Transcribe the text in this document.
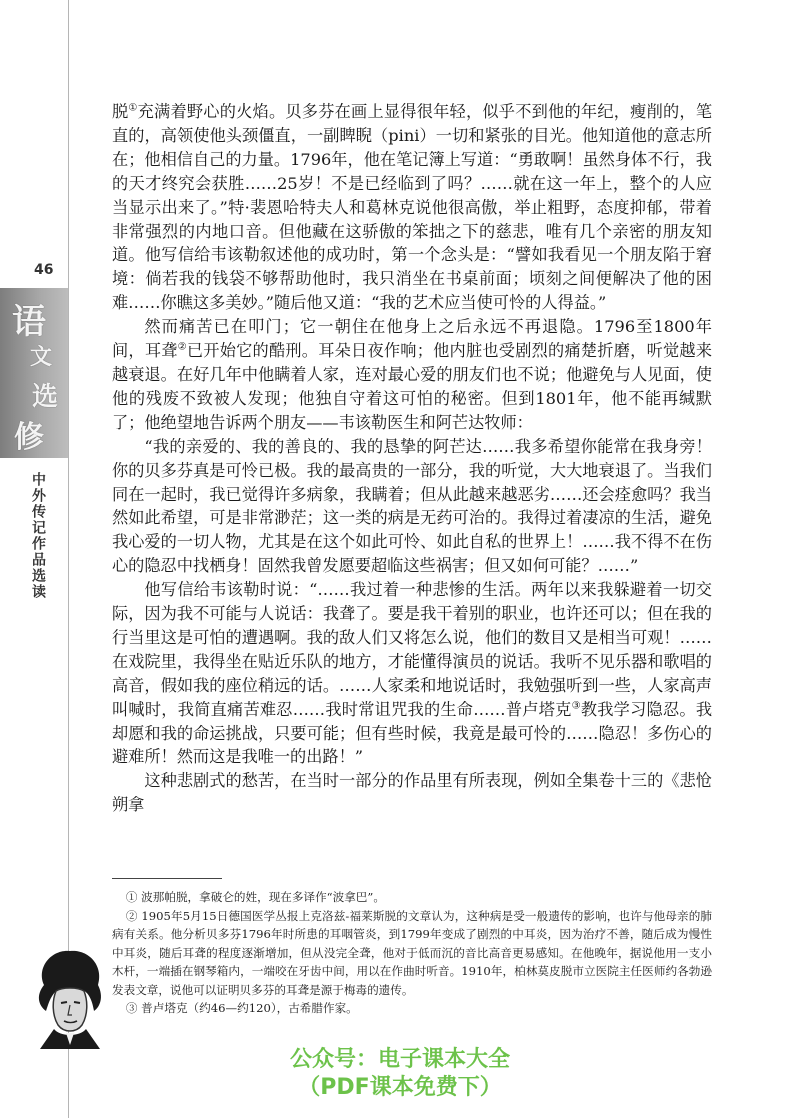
46
语
文
选
修
中外传记作品选读

脱①充满着野心的火焰。贝多芬在画上显得很年轻，似乎不到他的年纪，瘦削的，笔直的，高领使他头颈僵直，一副睥睨（pini）一切和紧张的目光。他知道他的意志所在；他相信自己的力量。1796年，他在笔记簿上写道：“勇敢啊！虽然身体不行，我的天才终究会获胜……25岁！不是已经临到了吗？……就在这一年上，整个的人应当显示出来了。”特·裴恩哈特夫人和葛林克说他很高傲，举止粗野，态度抑郁，带着非常强烈的内地口音。但他藏在这骄傲的笨拙之下的慈悲，唯有几个亲密的朋友知道。他写信给韦该勒叙述他的成功时，第一个念头是：“譬如我看见一个朋友陷于窘境：倘若我的钱袋不够帮助他时，我只消坐在书桌前面；顷刻之间便解决了他的困难……你瞧这多美妙。”随后他又道：“我的艺术应当使可怜的人得益。”

然而痛苦已在叩门；它一朝住在他身上之后永远不再退隐。1796至1800年间，耳聋②已开始它的酷刑。耳朵日夜作响；他内脏也受剧烈的痛楚折磨，听觉越来越衰退。在好几年中他瞒着人家，连对最心爱的朋友们也不说；他避免与人见面，使他的残废不致被人发现；他独自守着这可怕的秘密。但到1801年，他不能再缄默了；他绝望地告诉两个朋友——韦该勒医生和阿芒达牧师：

“我的亲爱的、我的善良的、我的恳挚的阿芒达……我多希望你能常在我身旁！你的贝多芬真是可怜已极。我的最高贵的一部分，我的听觉，大大地衰退了。当我们同在一起时，我已觉得许多病象，我瞒着；但从此越来越恶劣……还会痊愈吗？我当然如此希望，可是非常渺茫；这一类的病是无药可治的。我得过着凄凉的生活，避免我心爱的一切人物，尤其是在这个如此可怜、如此自私的世界上！……我不得不在伤心的隐忍中找栖身！固然我曾发愿要超临这些祸害；但又如何可能？……”

他写信给韦该勒时说：“……我过着一种悲惨的生活。两年以来我躲避着一切交际，因为我不可能与人说话：我聋了。要是我干着别的职业，也许还可以；但在我的行当里这是可怕的遭遇啊。我的敌人们又将怎么说，他们的数目又是相当可观！……在戏院里，我得坐在贴近乐队的地方，才能懂得演员的说话。我听不见乐器和歌唱的高音，假如我的座位稍远的话。……人家柔和地说话时，我勉强听到一些，人家高声叫喊时，我简直痛苦难忍……我时常诅咒我的生命……普卢塔克③教我学习隐忍。我却愿和我的命运挑战，只要可能；但有些时候，我竟是最可怜的……隐忍！多伤心的避难所！然而这是我唯一的出路！”

这种悲剧式的愁苦，在当时一部分的作品里有所表现，例如全集卷十三的《悲怆朔拿

① 波那帕脱，拿破仑的姓，现在多译作“波拿巴”。

② 1905年5月15日德国医学丛报上克洛兹-福莱斯脱的文章认为，这种病是受一般遗传的影响，也许与他母亲的肺病有关系。他分析贝多芬1796年时所患的耳咽管炎，到1799年变成了剧烈的中耳炎，因为治疗不善，随后成为慢性中耳炎，随后耳聋的程度逐渐增加，但从没完全聋，他对于低而沉的音比高音更易感知。在他晚年，据说他用一支小木杆，一端插在钢琴箱内，一端咬在牙齿中间，用以在作曲时听音。1910年，柏林莫皮脱市立医院主任医师约各勃逊发表文章，说他可以证明贝多芬的耳聋是源于梅毒的遗传。

③ 普卢塔克（约46—约120），古希腊作家。

公众号：电子课本大全
（PDF课本免费下）
